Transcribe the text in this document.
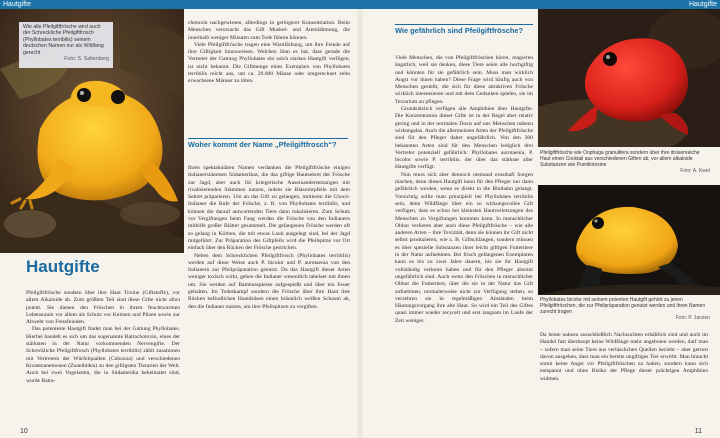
Hautgifte	Hautgifte
Wie alle Pfeilgiftfrösche wird auch der Schreckliche Pfeilgiftfrosch (Phyllobates terribilis) seinem deutschen Namen nur als Wildfang gerecht
Foto: S. Saltenberg
Hautgifte

Pfeilgiftfrösche sondern über ihre Haut Toxine (Giftstoffe), vor allem Alkaloide ab. Zum größten Teil sind diese Gifte nicht allzu potent. Sie dienen den Fröschen in ihrem feuchtwarmen Lebensraum vor allem als Schutz vor Keimen und Pilzen sowie zur Abwehr von Fressfeinden.

Das potenteste Hautgift findet man bei der Gattung Phyllobates. Hierbei handelt es sich um das sogenannte Batrachotoxin, eines der stärksten in der Natur vorkommenden Nervengifte. Der Schreckliche Pfeilgiftfrosch (Phyllobates terribilis) zählt zusammen mit Vertretern der Würfelquallen (Cubozoa) und verschiedenen Krustenanemonen (Zoanthidea) zu den giftigsten Tierarten der Welt. Auch bei zwei Vogelarten, die in Südamerika beheimatet sind, wurde Batra-

chotoxin nachgewiesen, allerdings in geringerer Konzentration. Beim Menschen verursacht das Gift Muskel- und Atemlähmung, die innerhalb weniger Minuten zum Tode führen können.

Viele Pfeilgiftfrösche tragen eine Warnfärbung, um ihre Feinde auf ihre Giftigkeit hinzuweisen. Welchen Sinn es hat, dass gerade die Vertreter der Gattung Phyllobates ein solch starkes Hautgift verfügen, ist nicht bekannt. Die Giftmenge eines Exemplars von Phyllobates terribilis reicht aus, um ca. 20.000 Mäuse oder umgerechnet zehn erwachsene Männer zu töten.

Woher kommt der Name „Pfeilgiftfrosch“?

Ihren spektakulären Namen verdanken die Pfeilgiftfrösche einigen Indianerstämmen Südamerikas, die das giftige Hautsekret der Frösche zur Jagd, aber auch für kriegerische Auseinandersetzungen mit rivalisierenden Stämmen nutzen, indem sie Blasrohrpfeile mit dem Sekret präparieren. Um an das Gift zu gelangen, imitieren die Chocó-Indianer die Rufe der Frösche, z. B. von Phyllobates terribilis, und können die darauf antwortenden Tiere dann lokalisieren. Zum Schutz vor Vergiftungen beim Fang werden die Frösche von den Indianern mithilfe großer Blätter gesammelt. Die gefangenen Frösche werden oft so gelang in Körben, die mit etwas Laub ausgelegt sind, bei der Jagd mitgeführt. Zur Präparation des Giftpfeils wird die Pfeilspitze vor Ort einfach über den Rücken der Frösche gestrichen.

Neben dem Schrecklichen Pfeilgiftfrosch (Phyllobates terribilis) werden auf diese Weise auch P. bicolor und P. aurotaenia von den Indianern zur Pfeilpräparation genutzt. Da das Hautgift dieser Arten weniger toxisch wirkt, geben die Indianer wesentlich tabelaer mit ihnen um. Sie werden auf Bambusspiesse aufgespießt und über ein Feuer gehalten. Im Todeskampf sondern die Frösche über ihre Haut ihre Rücken befindlichen Hautdrüsen einen bräunlich weißen Schaum ab, den die Indianer nutzen, um ihre Pfeilspitzen zu vergiften.

Wie gefährlich sind Pfeilgiftfrösche?

Viele Menschen, die von Pfeilgiftfröschen hören, reagieren ängstlich, weil sie denken, diese Tiere seien alle hochgiftig und könnten für sie gefährlich sein. Muss man wirklich Angst vor ihnen haben? Diese Frage wird häufig auch von Menschen gestellt, die sich für diese attraktiven Frösche wirklich interessieren und mit dem Gedanken spielen, sie im Terrarium zu pflegen.

Grundsätzlich verfügen alle Amphibien über Hautgifte. Die Konzentration dieser Gifte ist in der Regel aber relativ gering und in der normalen Dosis auf uns Menschen nahezu wirkungslos. Auch die allermeisten Arten der Pfeilgiftfrösche sind für den Pfleger daher ungefährlich. Von den 300 bekannten Arten sind für den Menschen lediglich drei Vertreter potenziell gefährlich: Phyllobates aurotaenia, P. bicolor sowie P. terribilis, der über das stärkste aller Hautgifte verfügt.

Nun muss sich aber dennoch niemand ernsthaft Sorgen machen, denn dieses Hautgift kann für den Pfleger nur dann gefährlich werden, wenn es direkt in die Blutbahn gelangt. Vorsichtig sollte man prinzipiell bei Phyllobates terribilis sein, denn Wildfänge über ein so wirkungsvolles Gift verfügen, dass es schon bei kleinsten Hautverletzungen des Menschen zu Vergiftungen kommen kann. In menschlicher Obhut verlieren aber auch diese Pfeilgiftfrösche – wie alle anderen Arten – ihre Toxizität, denn sie können ihr Gift nicht selbst produzieren, wie z. B. Giftschlangen, sondern müssen es über spezielle Substanzen ihrer leicht giftigen Futtertiere in der Natur aufnehmen. Bei frisch gefangenen Exemplaren kann es bis zu zwei Jahre dauern, bis sie ihr Hautgift vollständig verloren haben und für den Pfleger absolut ungefährlich sind. Auch wenn den Fröschen in menschlicher Obhut die Futtertiere, über die sie in der Natur das Gift aufnehmen, normalerweise nicht zur Verfügung stehen, so verzehren sie in regelmäßigen Abständen beim Häutungsvorgang ihre alte Haut. So wird ein Teil des Giftes quasi immer wieder recycelt und erst langsam im Laufe der Zeit weniger.

Pfeilgiftfrösche wie Oophaga granulifera sondern über ihre drüsenreiche Haut einen Cocktail aus verschiedenen Giften ab, vor allem alkaloide Substanzen wie Pumiliotoxine
Foto: A. Kwet
Phyllobates bicolor mit seinem potenten Hautgift gehört zu jenen Pfeilgiftfröschen, die zur Pfeilpräparation genutzt werden und ihren Namen zurecht tragen
Foto: P. Janzen

Da heute nahezu ausschließlich Nachzuchten erhältlich sind und auch im Handel fast überhaupt keine Wildfänge mehr angeboten werden, darf man – sofern man seine Tiere aus verlässlichen Quellen bezieht – aber getrost davon ausgehen, dass man ein bereits ungiftiges Tier erwirbt. Man braucht somit keine Angst vor Pfeilgiftfröschen zu haben, sondern kann sich entspannt und ohne Risiko der Pflege dieser prächtigen Amphibien widmen.

10	11
